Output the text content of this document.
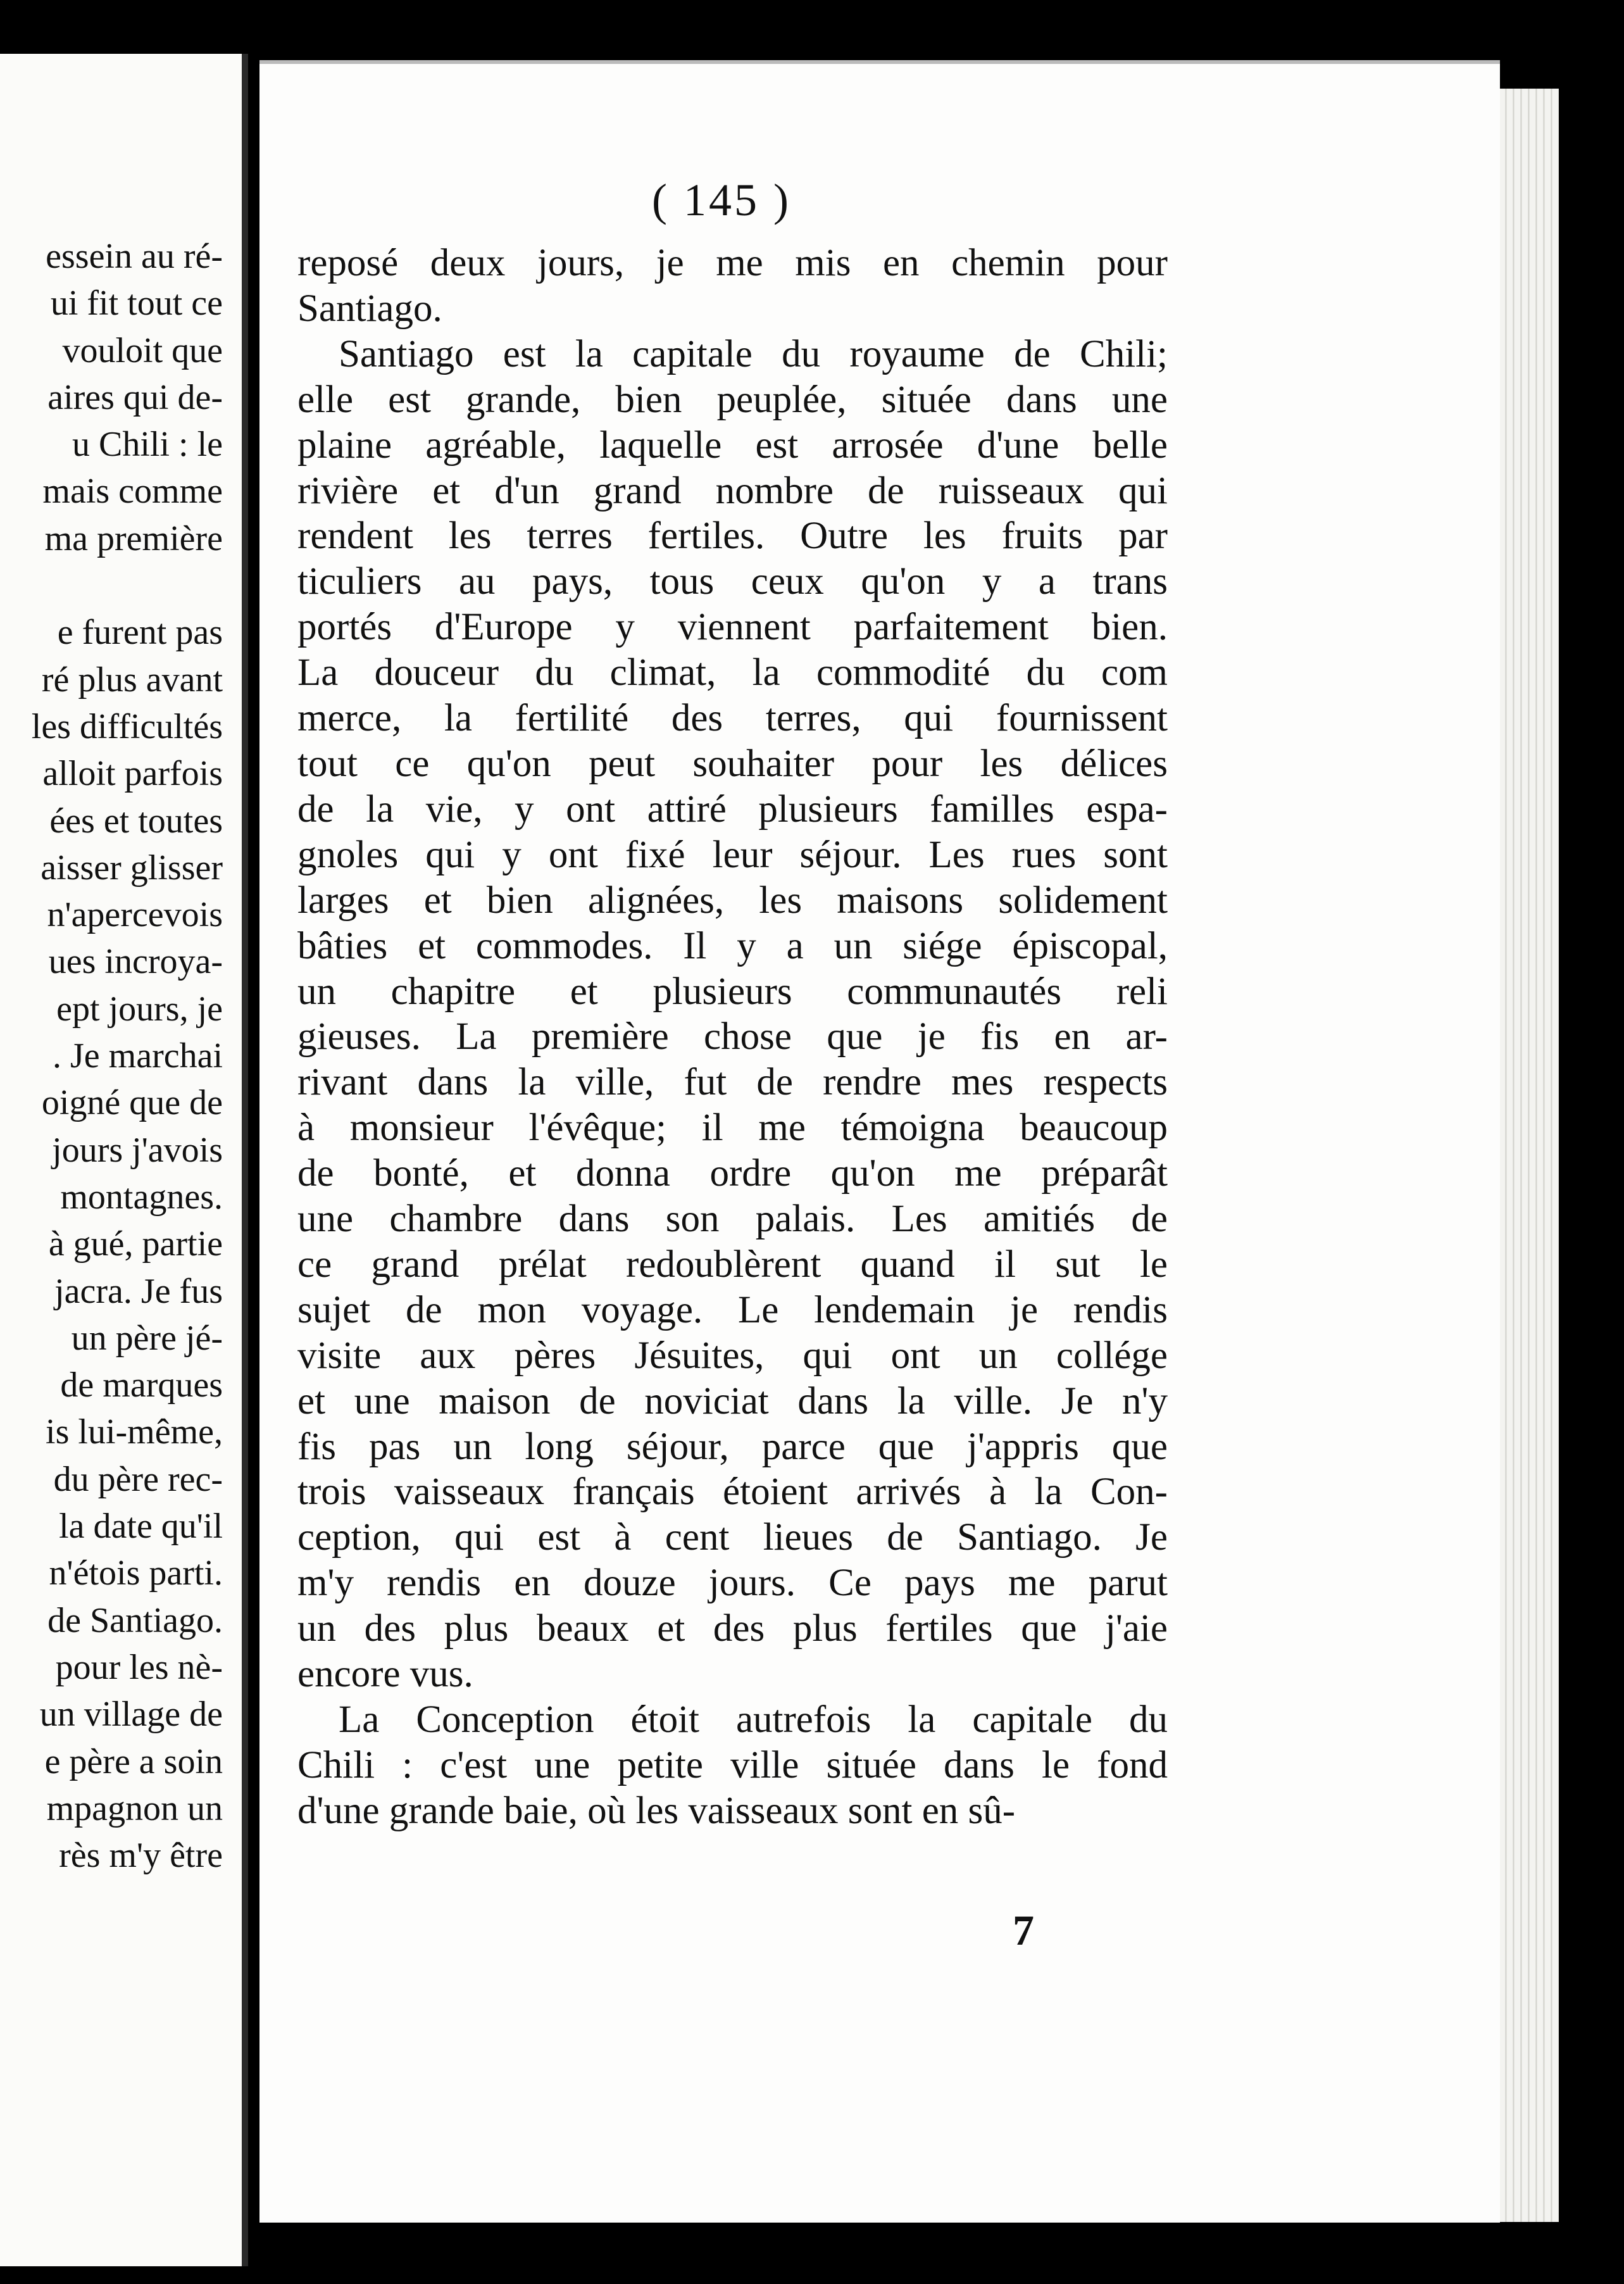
essein au ré-
ui fit tout ce
vouloit que
aires qui de-
u Chili : le
mais comme
ma première

e furent pas
ré plus avant
les difficultés
alloit parfois
ées et toutes
aisser glisser
n'apercevois
ues incroya-
ept jours, je
. Je marchai
oigné que de
jours j'avois
montagnes.
à gué, partie
jacra. Je fus
un père jé-
de marques
is lui-même,
du père rec-
la date qu'il
n'étois parti.
de Santiago.
pour les nè-
un village de
e père a soin
mpagnon un
rès m'y être
( 145 )
reposé deux jours, je me mis en chemin pour
Santiago.
Santiago est la capitale du royaume de Chili;
elle est grande, bien peuplée, située dans une
plaine agréable, laquelle est arrosée d'une belle
rivière et d'un grand nombre de ruisseaux qui
rendent les terres fertiles. Outre les fruits par
ticuliers au pays, tous ceux qu'on y a trans
portés d'Europe y viennent parfaitement bien.
La douceur du climat, la commodité du com
merce, la fertilité des terres, qui fournissent
tout ce qu'on peut souhaiter pour les délices
de la vie, y ont attiré plusieurs familles espa-
gnoles qui y ont fixé leur séjour. Les rues sont
larges et bien alignées, les maisons solidement
bâties et commodes. Il y a un siége épiscopal,
un chapitre et plusieurs communautés reli
gieuses. La première chose que je fis en ar-
rivant dans la ville, fut de rendre mes respects
à monsieur l'évêque; il me témoigna beaucoup
de bonté, et donna ordre qu'on me préparât
une chambre dans son palais. Les amitiés de
ce grand prélat redoublèrent quand il sut le
sujet de mon voyage. Le lendemain je rendis
visite aux pères Jésuites, qui ont un collége
et une maison de noviciat dans la ville. Je n'y
fis pas un long séjour, parce que j'appris que
trois vaisseaux français étoient arrivés à la Con-
ception, qui est à cent lieues de Santiago. Je
m'y rendis en douze jours. Ce pays me parut
un des plus beaux et des plus fertiles que j'aie
encore vus.
La Conception étoit autrefois la capitale du
Chili : c'est une petite ville située dans le fond
d'une grande baie, où les vaisseaux sont en sû-
7
